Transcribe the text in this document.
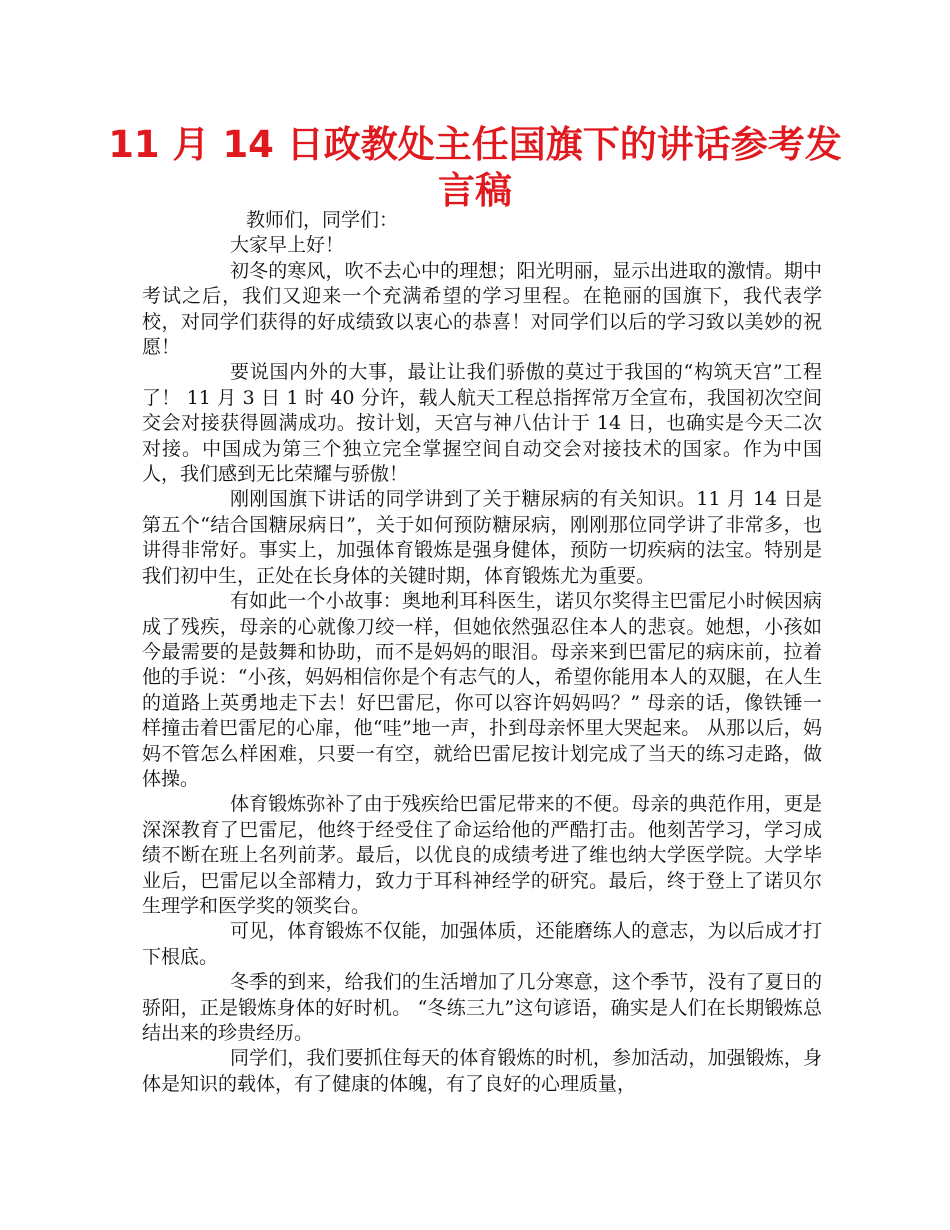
11 月 14 日政教处主任国旗下的讲话参考发言稿

教师们，同学们：

大家早上好！

初冬的寒风，吹不去心中的理想；阳光明丽，显示出进取的激情。期中考试之后，我们又迎来一个充满希望的学习里程。在艳丽的国旗下，我代表学校，对同学们获得的好成绩致以衷心的恭喜！对同学们以后的学习致以美妙的祝愿！

要说国内外的大事，最让让我们骄傲的莫过于我国的“构筑天宫”工程了！ 11 月 3 日 1 时 40 分许，载人航天工程总指挥常万全宣布，我国初次空间交会对接获得圆满成功。按计划，天宫与神八估计于 14 日，也确实是今天二次对接。中国成为第三个独立完全掌握空间自动交会对接技术的国家。作为中国人，我们感到无比荣耀与骄傲！

刚刚国旗下讲话的同学讲到了关于糖尿病的有关知识。11 月 14 日是第五个“结合国糖尿病日”，关于如何预防糖尿病，刚刚那位同学讲了非常多，也讲得非常好。事实上，加强体育锻炼是强身健体，预防一切疾病的法宝。特别是我们初中生，正处在长身体的关键时期，体育锻炼尤为重要。

有如此一个小故事：奥地利耳科医生，诺贝尔奖得主巴雷尼小时候因病成了残疾，母亲的心就像刀绞一样，但她依然强忍住本人的悲哀。她想，小孩如今最需要的是鼓舞和协助，而不是妈妈的眼泪。母亲来到巴雷尼的病床前，拉着他的手说：“小孩，妈妈相信你是个有志气的人，希望你能用本人的双腿，在人生的道路上英勇地走下去！好巴雷尼，你可以容许妈妈吗？” 母亲的话，像铁锤一样撞击着巴雷尼的心扉，他“哇”地一声，扑到母亲怀里大哭起来。 从那以后，妈妈不管怎么样困难，只要一有空，就给巴雷尼按计划完成了当天的练习走路，做体操。

体育锻炼弥补了由于残疾给巴雷尼带来的不便。母亲的典范作用，更是深深教育了巴雷尼，他终于经受住了命运给他的严酷打击。他刻苦学习，学习成绩不断在班上名列前茅。最后，以优良的成绩考进了维也纳大学医学院。大学毕业后，巴雷尼以全部精力，致力于耳科神经学的研究。最后，终于登上了诺贝尔生理学和医学奖的领奖台。

可见，体育锻炼不仅能，加强体质，还能磨练人的意志，为以后成才打下根底。

冬季的到来，给我们的生活增加了几分寒意，这个季节，没有了夏日的骄阳，正是锻炼身体的好时机。 “冬练三九”这句谚语，确实是人们在长期锻炼总结出来的珍贵经历。

同学们，我们要抓住每天的体育锻炼的时机，参加活动，加强锻炼，身体是知识的载体，有了健康的体魄，有了良好的心理质量，
